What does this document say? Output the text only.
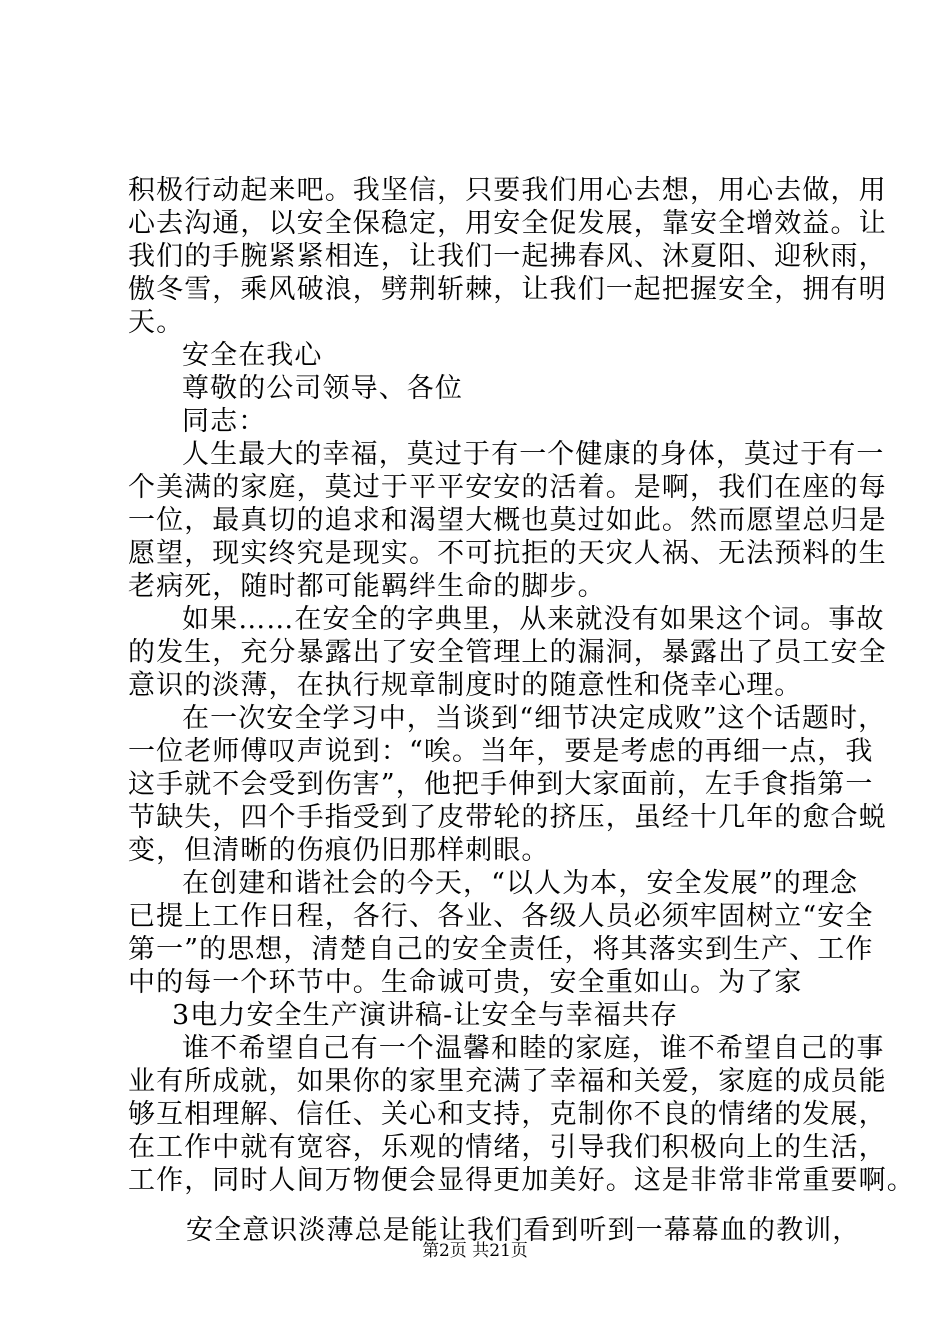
积极行动起来吧。我坚信，只要我们用心去想，用心去做，用
心去沟通，以安全保稳定，用安全促发展，靠安全增效益。让
我们的手腕紧紧相连，让我们一起拂春风、沐夏阳、迎秋雨，
傲冬雪，乘风破浪，劈荆斩棘，让我们一起把握安全，拥有明
天。
安全在我心
尊敬的公司领导、各位
同志：
人生最大的幸福，莫过于有一个健康的身体，莫过于有一
个美满的家庭，莫过于平平安安的活着。是啊，我们在座的每
一位，最真切的追求和渴望大概也莫过如此。然而愿望总归是
愿望，现实终究是现实。不可抗拒的天灾人祸、无法预料的生
老病死，随时都可能羁绊生命的脚步。
如果……在安全的字典里，从来就没有如果这个词。事故
的发生，充分暴露出了安全管理上的漏洞，暴露出了员工安全
意识的淡薄，在执行规章制度时的随意性和侥幸心理。
在一次安全学习中，当谈到“细节决定成败”这个话题时，
一位老师傅叹声说到：“唉。当年，要是考虑的再细一点，我
这手就不会受到伤害”，他把手伸到大家面前，左手食指第一
节缺失，四个手指受到了皮带轮的挤压，虽经十几年的愈合蜕
变，但清晰的伤痕仍旧那样刺眼。
在创建和谐社会的今天，“以人为本，安全发展”的理念
已提上工作日程，各行、各业、各级人员必须牢固树立“安全
第一”的思想，清楚自己的安全责任，将其落实到生产、工作
中的每一个环节中。生命诚可贵，安全重如山。为了家
3电力安全生产演讲稿-让安全与幸福共存
谁不希望自己有一个温馨和睦的家庭，谁不希望自己的事
业有所成就，如果你的家里充满了幸福和关爱，家庭的成员能
够互相理解、信任、关心和支持，克制你不良的情绪的发展，
在工作中就有宽容，乐观的情绪，引导我们积极向上的生活，
工作，同时人间万物便会显得更加美好。这是非常非常重要啊。
安全意识淡薄总是能让我们看到听到一幕幕血的教训，
第2页 共21页
